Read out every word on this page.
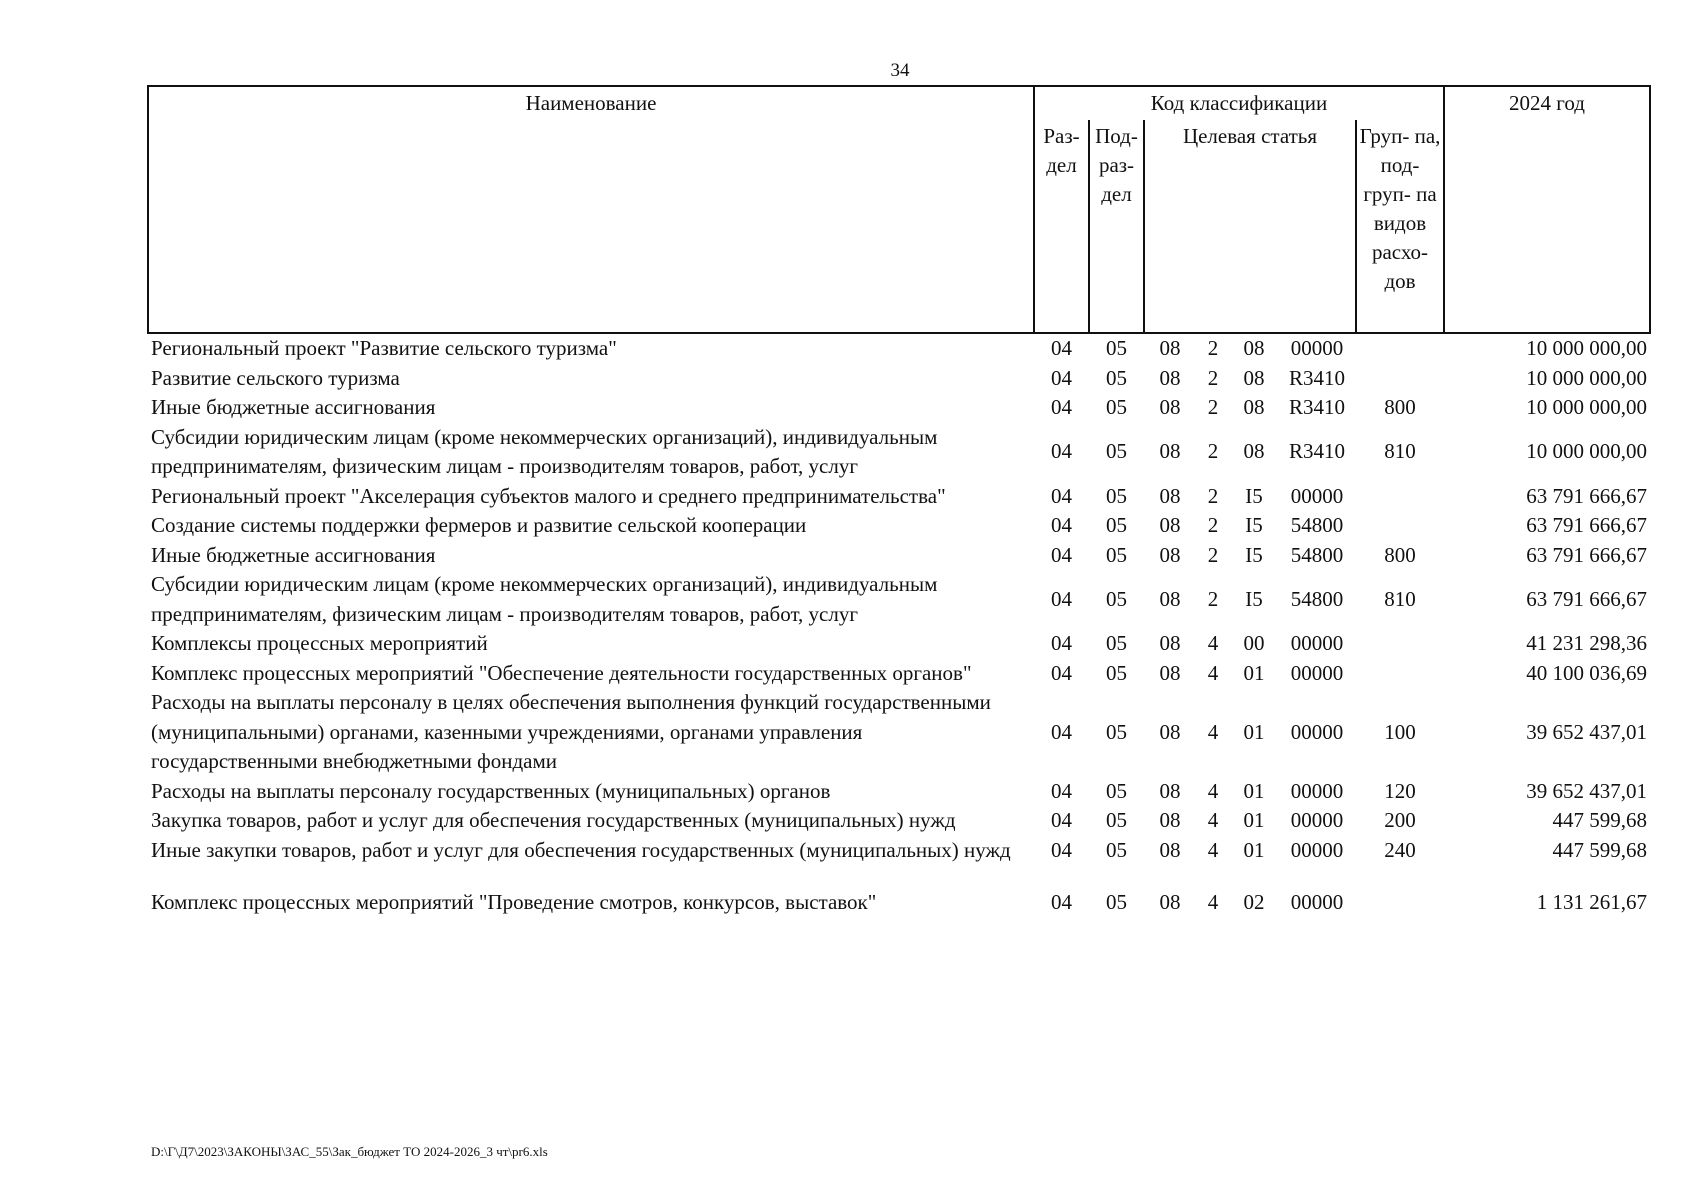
34
Наименование	Код классификации							2024 год
	Раз- дел	Под- раз- дел	Целевая статья				Груп- па, под- груп- па видов расхо- дов	
Региональный проект "Развитие сельского туризма"	04	05	08	2	08	00000		10 000 000,00
Развитие сельского туризма	04	05	08	2	08	R3410		10 000 000,00
Иные бюджетные ассигнования	04	05	08	2	08	R3410	800	10 000 000,00
Субсидии юридическим лицам (кроме некоммерческих организаций), индивидуальным предпринимателям, физическим лицам - производителям товаров, работ, услуг	04	05	08	2	08	R3410	810	10 000 000,00
Региональный проект "Акселерация субъектов малого и среднего предпринимательства"	04	05	08	2	I5	00000		63 791 666,67
Создание системы поддержки фермеров и развитие сельской кооперации	04	05	08	2	I5	54800		63 791 666,67
Иные бюджетные ассигнования	04	05	08	2	I5	54800	800	63 791 666,67
Субсидии юридическим лицам (кроме некоммерческих организаций), индивидуальным предпринимателям, физическим лицам - производителям товаров, работ, услуг	04	05	08	2	I5	54800	810	63 791 666,67
Комплексы процессных мероприятий	04	05	08	4	00	00000		41 231 298,36
Комплекс процессных мероприятий "Обеспечение деятельности государственных органов"	04	05	08	4	01	00000		40 100 036,69
Расходы на выплаты персоналу в целях обеспечения выполнения функций государственными (муниципальными) органами, казенными учреждениями, органами управления государственными внебюджетными фондами	04	05	08	4	01	00000	100	39 652 437,01
Расходы на выплаты персоналу государственных (муниципальных) органов	04	05	08	4	01	00000	120	39 652 437,01
Закупка товаров, работ и услуг для обеспечения государственных (муниципальных) нужд	04	05	08	4	01	00000	200	447 599,68
Иные закупки товаров, работ и услуг для обеспечения государственных (муниципальных) нужд	04	05	08	4	01	00000	240	447 599,68
Комплекс процессных мероприятий "Проведение смотров, конкурсов, выставок"	04	05	08	4	02	00000		1 131 261,67
D:\Г\Д7\2023\ЗАКОНЫ\ЗАС_55\Зак_бюджет ТО 2024-2026_3 чт\pr6.xls
